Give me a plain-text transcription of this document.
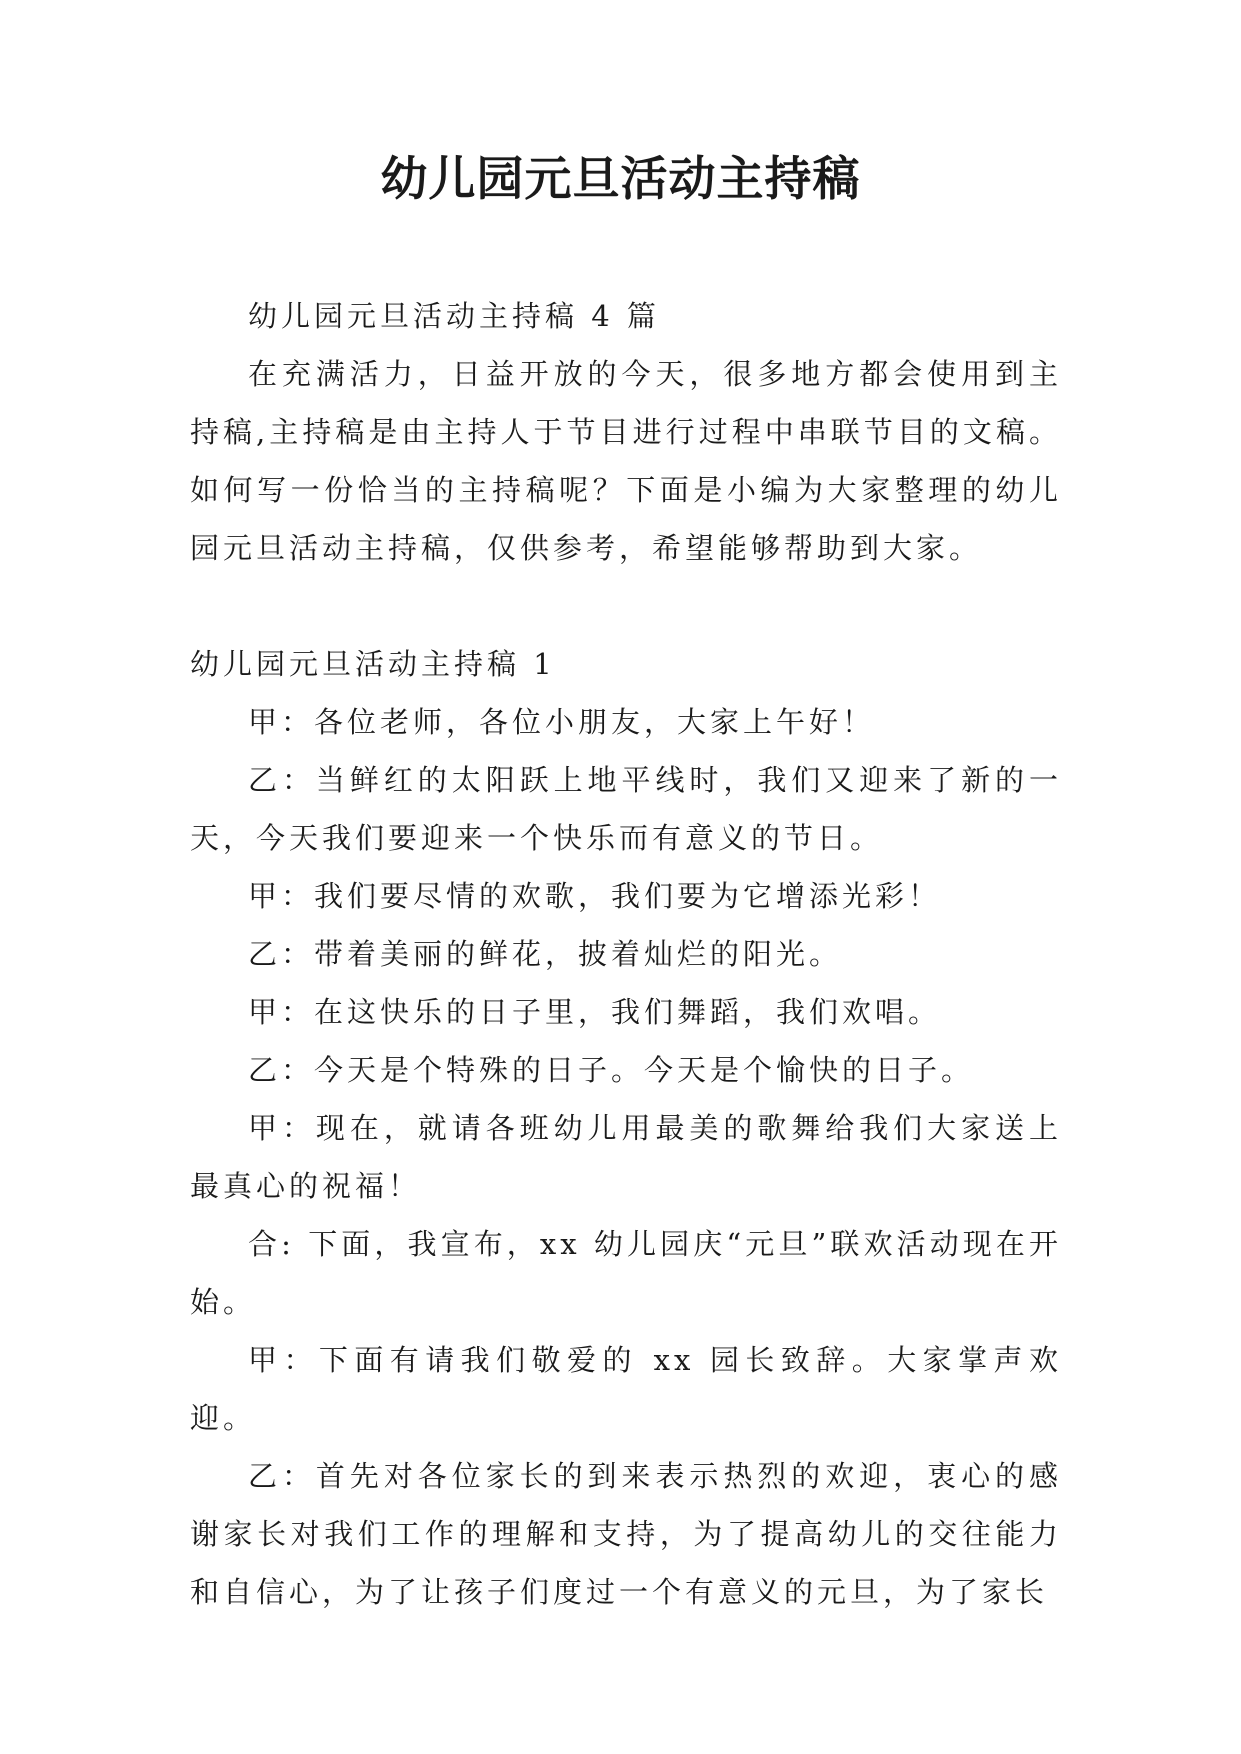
幼儿园元旦活动主持稿

幼儿园元旦活动主持稿 4 篇

在充满活力，日益开放的今天，很多地方都会使用到主持稿,主持稿是由主持人于节目进行过程中串联节目的文稿。如何写一份恰当的主持稿呢？下面是小编为大家整理的幼儿园元旦活动主持稿，仅供参考，希望能够帮助到大家。

幼儿园元旦活动主持稿 1

甲：各位老师，各位小朋友，大家上午好！

乙：当鲜红的太阳跃上地平线时，我们又迎来了新的一天，今天我们要迎来一个快乐而有意义的节日。

甲：我们要尽情的欢歌，我们要为它增添光彩！

乙：带着美丽的鲜花，披着灿烂的阳光。

甲：在这快乐的日子里，我们舞蹈，我们欢唱。

乙：今天是个特殊的日子。今天是个愉快的日子。

甲：现在，就请各班幼儿用最美的歌舞给我们大家送上最真心的祝福！

合: 下面，我宣布，xx 幼儿园庆“元旦”联欢活动现在开始。

甲：下面有请我们敬爱的 xx 园长致辞。大家掌声欢迎。

乙：首先对各位家长的到来表示热烈的欢迎，衷心的感谢家长对我们工作的理解和支持，为了提高幼儿的交往能力和自信心，为了让孩子们度过一个有意义的元旦，为了家长
